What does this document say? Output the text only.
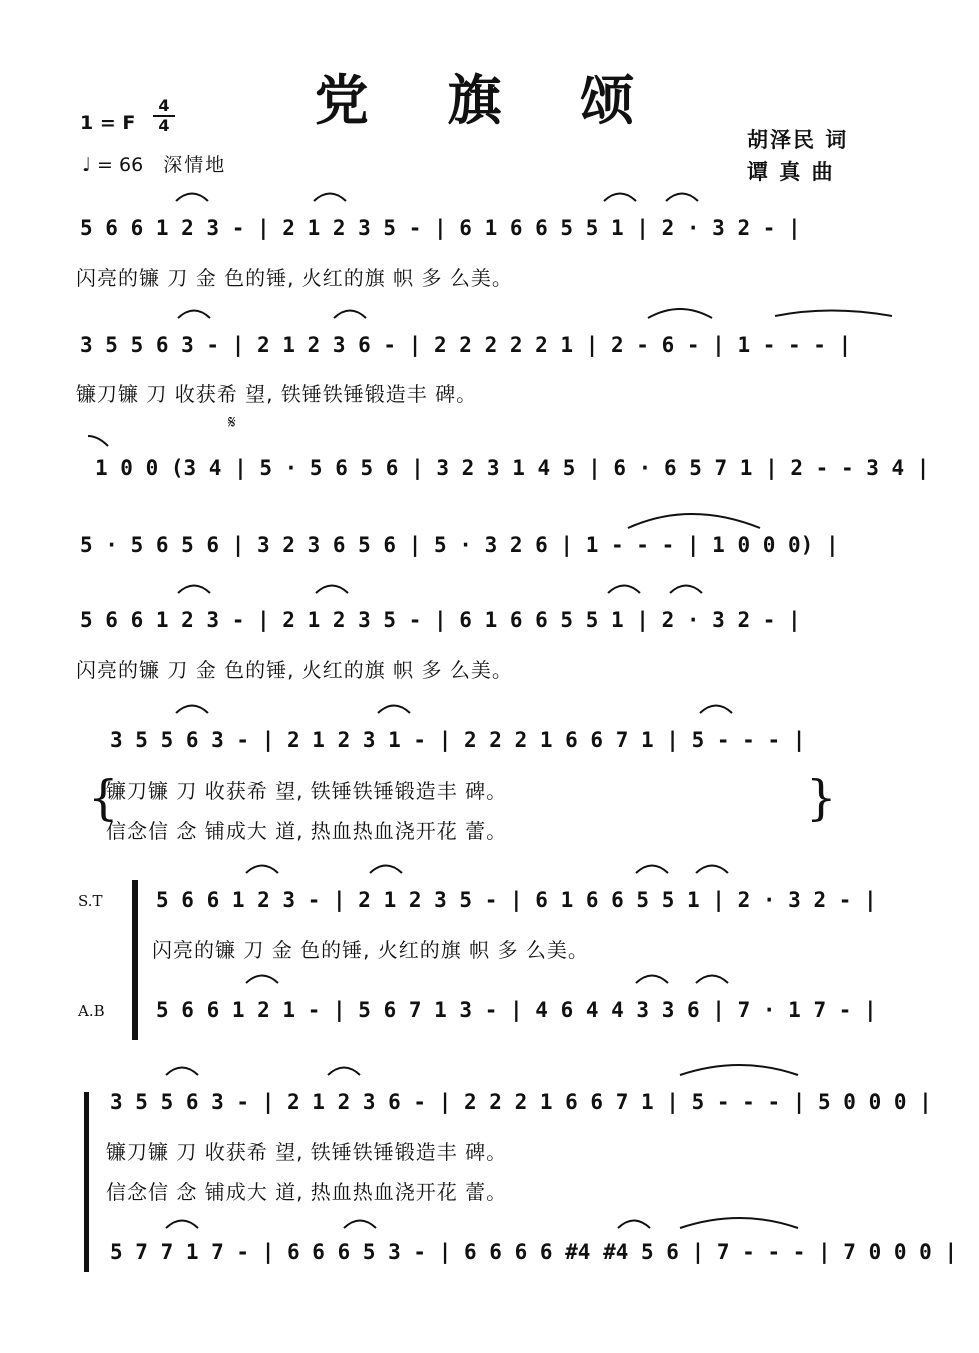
党 旗 颂
1 = F
4
4
♩ = 66 深情地
胡泽民 词
谭 真 曲
5 6 6 1 2 3 - | 2 1 2 3 5 - | 6 1 6 6 5 5 1 | 2 · 3 2 - |
闪亮的镰 刀 金 色的锤, 火红的旗 帜 多 么美。
3 5 5 6 3 - | 2 1 2 3 6 - | 2 2 2 2 2 1 | 2 - 6 - | 1 - - - |
镰刀镰 刀 收获希 望, 铁锤铁锤锻造丰 碑。
𝄋
1 0 0 (3 4 | 5 · 5 6 5 6 | 3 2 3 1 4 5 | 6 · 6 5 7 1 | 2 - - 3 4 |
5 · 5 6 5 6 | 3 2 3 6 5 6 | 5 · 3 2 6 | 1 - - - | 1 0 0 0) |
5 6 6 1 2 3 - | 2 1 2 3 5 - | 6 1 6 6 5 5 1 | 2 · 3 2 - |
闪亮的镰 刀 金 色的锤, 火红的旗 帜 多 么美。
3 5 5 6 3 - | 2 1 2 3 1 - | 2 2 2 1 6 6 7 1 | 5 - - - |
{
镰刀镰 刀 收获希 望, 铁锤铁锤锻造丰 碑。
信念信 念 铺成大 道, 热血热血浇开花 蕾。
}
S.T	5 6 6 1 2 3 - | 2 1 2 3 5 - | 6 1 6 6 5 5 1 | 2 · 3 2 - |
闪亮的镰 刀 金 色的锤, 火红的旗 帜 多 么美。
A.B 5 6 6 1 2 1 - | 5 6 7 1 3 - | 4 6 4 4 3 3 6 | 7 · 1 7 - |
3 5 5 6 3 - | 2 1 2 3 6 - | 2 2 2 1 6 6 7 1 | 5 - - - | 5 0 0 0 |
镰刀镰 刀 收获希 望, 铁锤铁锤锻造丰 碑。
信念信 念 铺成大 道, 热血热血浇开花 蕾。
5 7 7 1 7 - | 6 6 6 5 3 - | 6 6 6 6 #4 #4 5 6 | 7 - - - | 7 0 0 0 |
